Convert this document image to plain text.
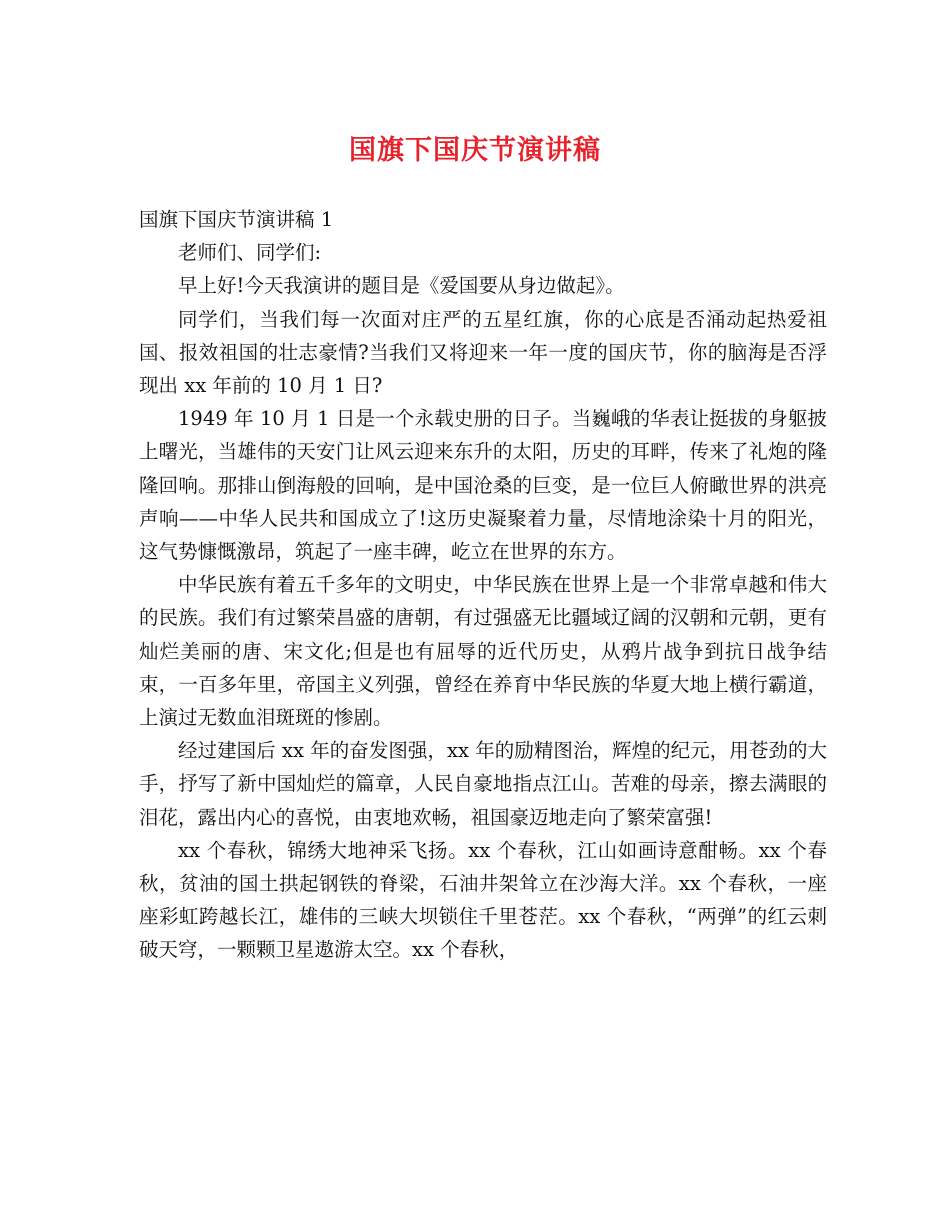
国旗下国庆节演讲稿

国旗下国庆节演讲稿 1

老师们、同学们:

早上好!今天我演讲的题目是《爱国要从身边做起》。

同学们，当我们每一次面对庄严的五星红旗，你的心底是否涌动起热爱祖国、报效祖国的壮志豪情?当我们又将迎来一年一度的国庆节，你的脑海是否浮现出 xx 年前的 10 月 1 日?

1949 年 10 月 1 日是一个永载史册的日子。当巍峨的华表让挺拔的身躯披上曙光，当雄伟的天安门让风云迎来东升的太阳，历史的耳畔，传来了礼炮的隆隆回响。那排山倒海般的回响，是中国沧桑的巨变，是一位巨人俯瞰世界的洪亮声响——中华人民共和国成立了!这历史凝聚着力量，尽情地涂染十月的阳光，这气势慷慨激昂，筑起了一座丰碑，屹立在世界的东方。

中华民族有着五千多年的文明史，中华民族在世界上是一个非常卓越和伟大的民族。我们有过繁荣昌盛的唐朝，有过强盛无比疆域辽阔的汉朝和元朝，更有灿烂美丽的唐、宋文化;但是也有屈辱的近代历史，从鸦片战争到抗日战争结束，一百多年里，帝国主义列强，曾经在养育中华民族的华夏大地上横行霸道，上演过无数血泪斑斑的惨剧。

经过建国后 xx 年的奋发图强，xx 年的励精图治，辉煌的纪元，用苍劲的大手，抒写了新中国灿烂的篇章，人民自豪地指点江山。苦难的母亲，擦去满眼的泪花，露出内心的喜悦，由衷地欢畅，祖国豪迈地走向了繁荣富强!

xx 个春秋，锦绣大地神采飞扬。xx 个春秋，江山如画诗意酣畅。xx 个春秋，贫油的国土拱起钢铁的脊梁，石油井架耸立在沙海大洋。xx 个春秋，一座座彩虹跨越长江，雄伟的三峡大坝锁住千里苍茫。xx 个春秋，“两弹”的红云刺破天穹，一颗颗卫星遨游太空。xx 个春秋，
